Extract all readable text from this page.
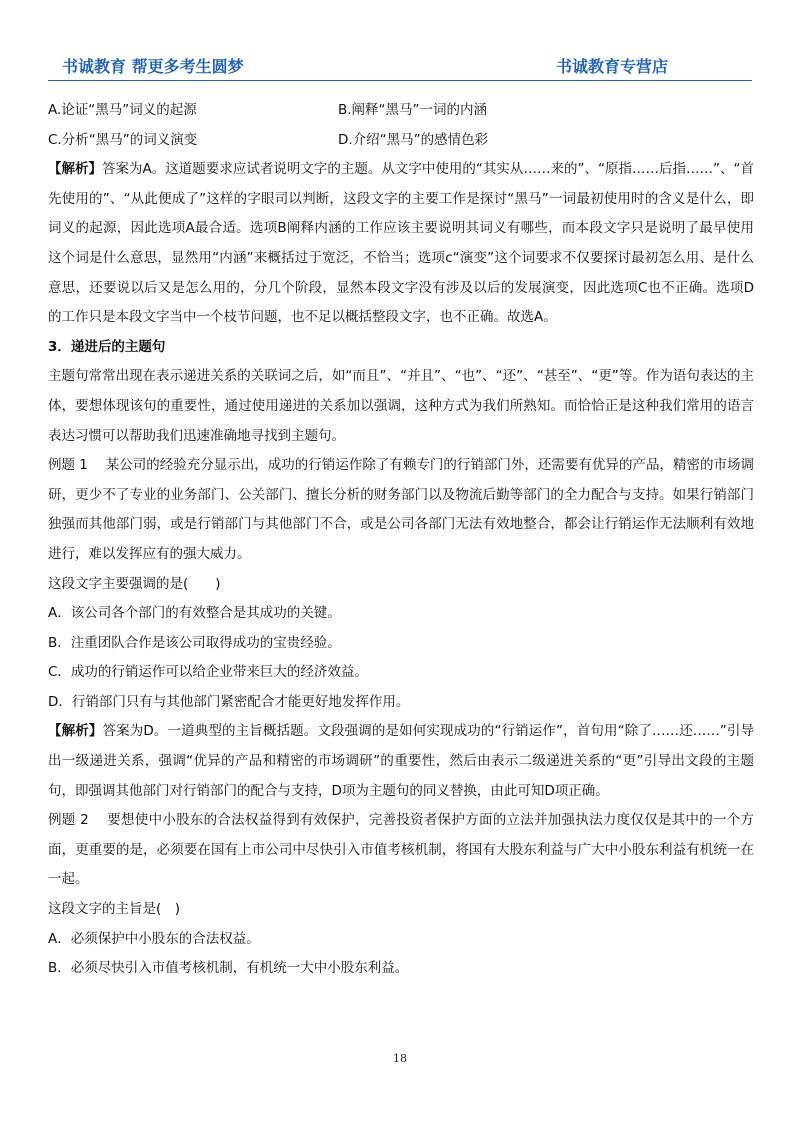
书诚教育 帮更多考生圆梦	书诚教育专营店
A.论证“黑马”词义的起源	B.阐释“黑马”一词的内涵
C.分析“黑马”的词义演变	D.介绍“黑马”的感情色彩

【解析】答案为A。这道题要求应试者说明文字的主题。从文字中使用的“其实从……来的”、“原指……后指……”、“首先使用的”、“从此便成了”这样的字眼司以判断，这段文字的主要工作是探讨“黑马”一词最初使用时的含义是什么，即词义的起源，因此选项A最合适。选项B阐释内涵的工作应该主要说明其词义有哪些，而本段文字只是说明了最早使用这个词是什么意思，显然用“内涵”来概括过于宽泛，不恰当；选项c“演变”这个词要求不仅要探讨最初怎么用、是什么意思，还要说以后又是怎么用的，分几个阶段，显然本段文字没有涉及以后的发展演变，因此选项C也不正确。选项D的工作只是本段文字当中一个枝节问题，也不足以概括整段文字，也不正确。故选A。

3．递进后的主题句

主题句常常出现在表示递进关系的关联词之后，如“而且”、“并且”、“也”、“还”、“甚至”、“更”等。作为语句表达的主体，要想体现该句的重要性，通过使用递进的关系加以强调，这种方式为我们所熟知。而恰恰正是这种我们常用的语言表达习惯可以帮助我们迅速准确地寻找到主题句。

例题 1　 某公司的经验充分显示出，成功的行销运作除了有赖专门的行销部门外，还需要有优异的产品，精密的市场调研，更少不了专业的业务部门、公关部门、擅长分析的财务部门以及物流后勤等部门的全力配合与支持。如果行销部门独强而其他部门弱，或是行销部门与其他部门不合，或是公司各部门无法有效地整合，都会让行销运作无法顺利有效地进行，难以发挥应有的强大威力。

这段文字主要强调的是(　　)

A．该公司各个部门的有效整合是其成功的关键。

B．注重团队合作是该公司取得成功的宝贵经验。

C．成功的行销运作可以给企业带来巨大的经济效益。

D．行销部门只有与其他部门紧密配合才能更好地发挥作用。

【解析】答案为D。一道典型的主旨概括题。文段强调的是如何实现成功的“行销运作”，首句用“除了……还……”引导出一级递进关系，强调“优异的产品和精密的市场调研”的重要性，然后由表示二级递进关系的“更”引导出文段的主题句，即强调其他部门对行销部门的配合与支持，D项为主题句的同义替换，由此可知D项正确。

例题 2　 要想使中小股东的合法权益得到有效保护，完善投资者保护方面的立法并加强执法力度仅仅是其中的一个方面，更重要的是，必须要在国有上市公司中尽快引入市值考核机制，将国有大股东利益与广大中小股东利益有机统一在一起。

这段文字的主旨是(　)

A．必须保护中小股东的合法权益。

B．必须尽快引入市值考核机制，有机统一大中小股东利益。

18
